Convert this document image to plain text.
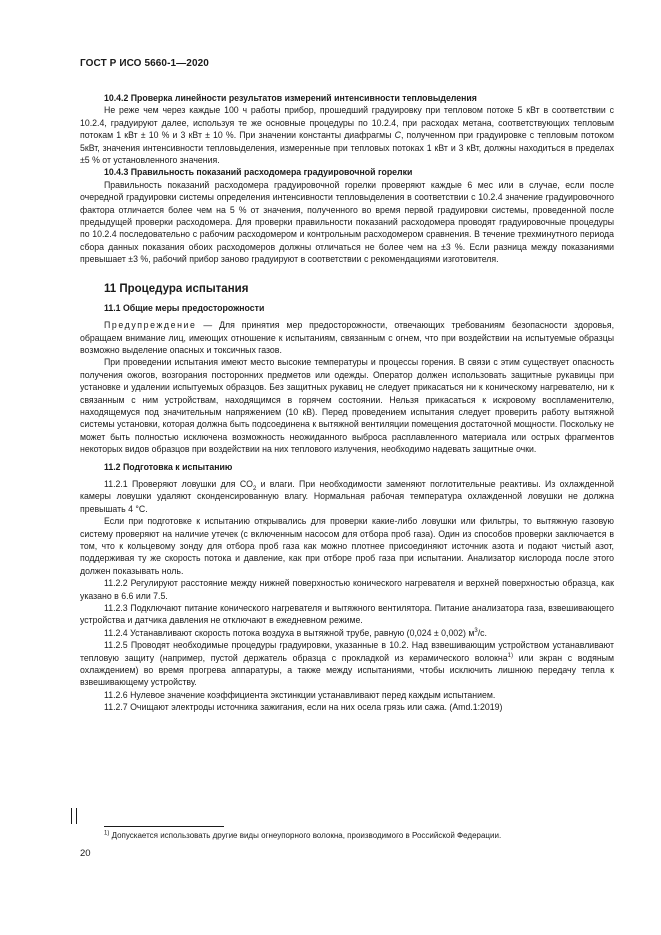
ГОСТ Р ИСО 5660-1—2020

10.4.2 Проверка линейности результатов измерений интенсивности тепловыделения

Не реже чем через каждые 100 ч работы прибор, прошедший градуировку при тепловом потоке 5 кВт в соответствии с 10.2.4, градуируют далее, используя те же основные процедуры по 10.2.4, при расходах метана, соответствующих тепловым потокам 1 кВт ± 10 % и 3 кВт ± 10 %. При значении константы диафрагмы C, полученном при градуировке с тепловым потоком 5кВт, значения интенсивности тепловыделения, измеренные при тепловых потоках 1 кВт и 3 кВт, должны находиться в пределах ±5 % от установленного значения.

10.4.3 Правильность показаний расходомера градуировочной горелки

Правильность показаний расходомера градуировочной горелки проверяют каждые 6 мес или в случае, если после очередной градуировки системы определения интенсивности тепловыделения в соответствии с 10.2.4 значение градуировочного фактора отличается более чем на 5 % от значения, полученного во время первой градуировки системы, проведенной после предыдущей проверки расходомера. Для проверки правильности показаний расходомера проводят градуировочные процедуры по 10.2.4 последовательно с рабочим расходомером и контрольным расходомером сравнения. В течение трехминутного периода сбора данных показания обоих расходомеров должны отличаться не более чем на ±3 %. Если разница между показаниями превышает ±3 %, рабочий прибор заново градуируют в соответствии с рекомендациями изготовителя.

11 Процедура испытания

11.1 Общие меры предосторожности

Предупреждение — Для принятия мер предосторожности, отвечающих требованиям безопасности здоровья, обращаем внимание лиц, имеющих отношение к испытаниям, связанным с огнем, что при воздействии на испытуемые образцы возможно выделение опасных и токсичных газов.

При проведении испытания имеют место высокие температуры и процессы горения. В связи с этим существует опасность получения ожогов, возгорания посторонних предметов или одежды. Оператор должен использовать защитные рукавицы при установке и удалении испытуемых образцов. Без защитных рукавиц не следует прикасаться ни к коническому нагревателю, ни к связанным с ним устройствам, находящимся в горячем состоянии. Нельзя прикасаться к искровому воспламенителю, находящемуся под значительным напряжением (10 кВ). Перед проведением испытания следует проверить работу вытяжной системы установки, которая должна быть подсоединена к вытяжной вентиляции помещения достаточной мощности. Поскольку не может быть полностью исключена возможность неожиданного выброса расплавленного материала или острых фрагментов некоторых видов образцов при воздействии на них теплового излучения, необходимо надевать защитные очки.

11.2 Подготовка к испытанию

11.2.1 Проверяют ловушки для $CO_2$ и влаги. При необходимости заменяют поглотительные реактивы. Из охлажденной камеры ловушки удаляют сконденсированную влагу. Нормальная рабочая температура охлажденной ловушки не должна превышать 4 °С.

Если при подготовке к испытанию открывались для проверки какие-либо ловушки или фильтры, то вытяжную газовую систему проверяют на наличие утечек (с включенным насосом для отбора проб газа). Один из способов проверки заключается в том, что к кольцевому зонду для отбора проб газа как можно плотнее присоединяют источник азота и подают чистый азот, поддерживая ту же скорость потока и давление, как при отборе проб газа при испытании. Анализатор кислорода после этого должен показывать ноль.

11.2.2 Регулируют расстояние между нижней поверхностью конического нагревателя и верхней поверхностью образца, как указано в 6.6 или 7.5.

11.2.3 Подключают питание конического нагревателя и вытяжного вентилятора. Питание анализатора газа, взвешивающего устройства и датчика давления не отключают в ежедневном режиме.

11.2.4 Устанавливают скорость потока воздуха в вытяжной трубе, равную (0,024 ± 0,002) $м^3/с$.

11.2.5 Проводят необходимые процедуры градуировки, указанные в 10.2. Над взвешивающим устройством устанавливают тепловую защиту (например, пустой держатель образца с прокладкой из керамического волокна$^{1)}$ или экран с водяным охлаждением) во время прогрева аппаратуры, а также между испытаниями, чтобы исключить лишнюю передачу тепла к взвешивающему устройству.

11.2.6 Нулевое значение коэффициента экстинкции устанавливают перед каждым испытанием.

11.2.7 Очищают электроды источника зажигания, если на них осела грязь или сажа. (Amd.1:2019)

$^{1)}$ Допускается использовать другие виды огнеупорного волокна, производимого в Российской Федерации.
20
